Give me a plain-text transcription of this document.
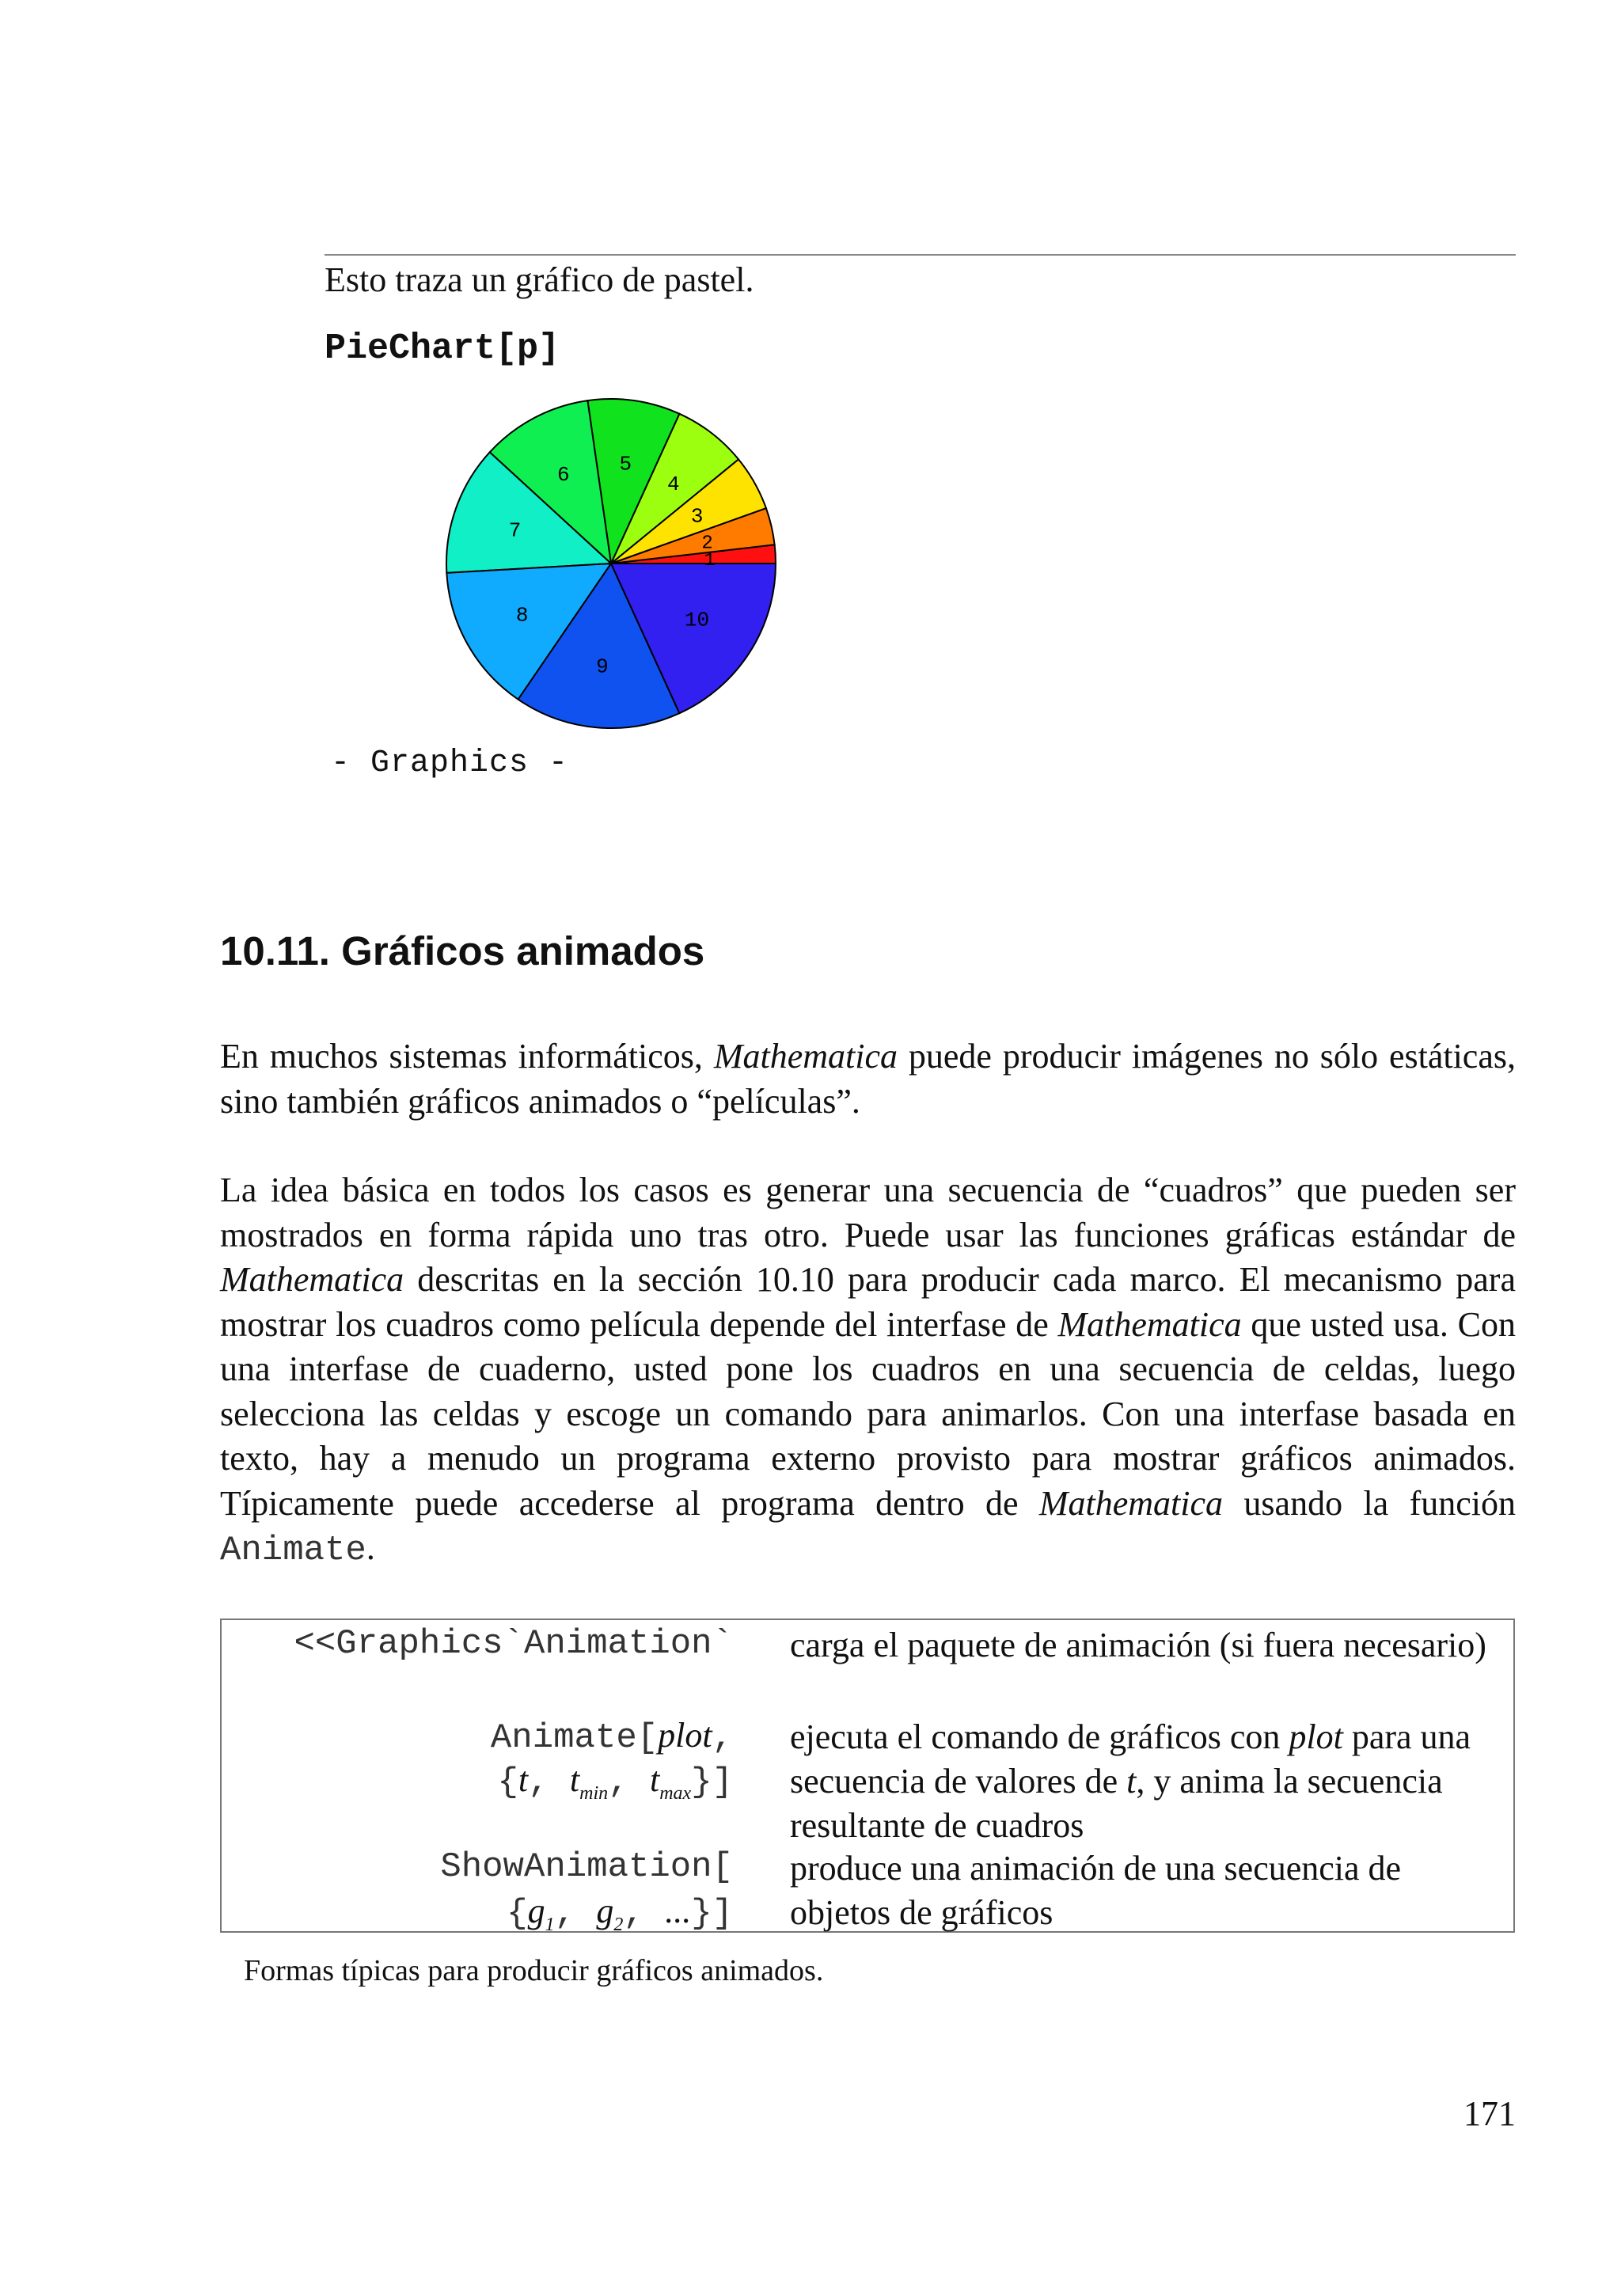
Esto traza un gráfico de pastel.
PieChart[p]
1
2
3
4
5
6
7
8
9
10
- Graphics -
10.11. Gráficos animados

En muchos sistemas informáticos, Mathematica puede producir imágenes no sólo estáticas, sino también gráficos animados o “películas”.

La idea básica en todos los casos es generar una secuencia de “cuadros” que pueden ser mostrados en forma rápida uno tras otro. Puede usar las funciones gráficas estándar de Mathematica descritas en la sección 10.10 para producir cada marco. El mecanismo para mostrar los cuadros como película depende del interfase de Mathematica que usted usa. Con una interfase de cuaderno, usted pone los cuadros en una secuencia de celdas, luego selecciona las celdas y escoge un comando para animarlos. Con una interfase basada en texto, hay a menudo un programa externo provisto para mostrar gráficos animados. Típicamente puede accederse al programa dentro de Mathematica usando la función Animate.

<<Graphics`Animation` carga el paquete de animación (si fuera necesario)
Animate[plot,
{t, $t_{min}$, $t_{max}$}]
ejecuta el comando de gráficos con plot para una secuencia de valores de t, y anima la secuencia resultante de cuadros
ShowAnimation[
{$g_1$, $g_2$, ...}]
produce una animación de una secuencia de objetos de gráficos
Formas típicas para producir gráficos animados.
171
